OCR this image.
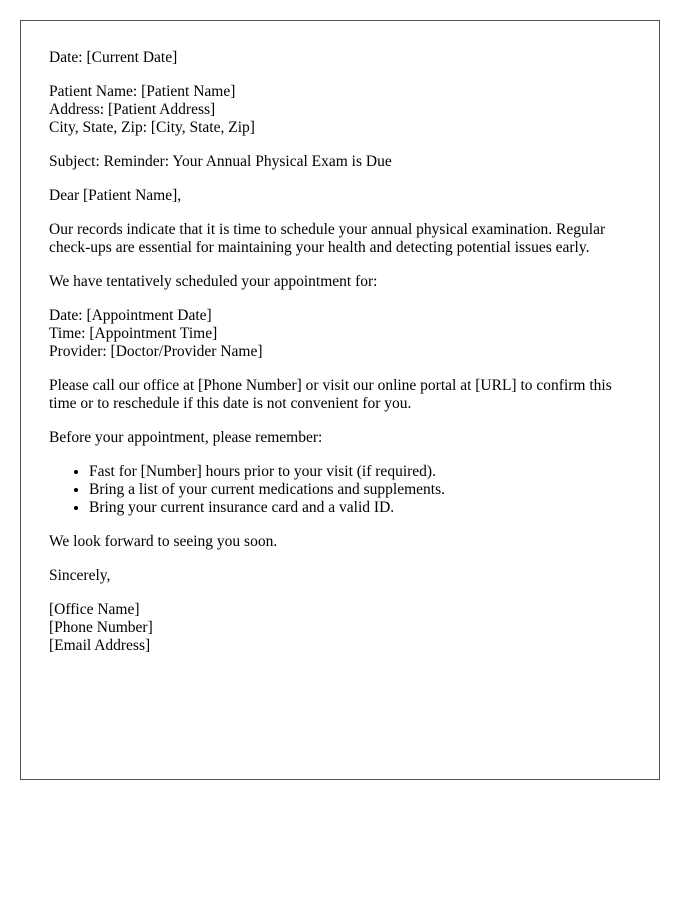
Date: [Current Date]
Patient Name: [Patient Name]
Address: [Patient Address]
City, State, Zip: [City, State, Zip]
Subject: Reminder: Your Annual Physical Exam is Due
Dear [Patient Name],

Our records indicate that it is time to schedule your annual physical examination. Regular check-ups are essential for maintaining your health and detecting potential issues early.

We have tentatively scheduled your appointment for:
Date: [Appointment Date]
Time: [Appointment Time]
Provider: [Doctor/Provider Name]

Please call our office at [Phone Number] or visit our online portal at [URL] to confirm this time or to reschedule if this date is not convenient for you.

Before your appointment, please remember:
• Fast for [Number] hours prior to your visit (if required).
• Bring a list of your current medications and supplements.
• Bring your current insurance card and a valid ID.
We look forward to seeing you soon.
Sincerely,
[Office Name]
[Phone Number]
[Email Address]
